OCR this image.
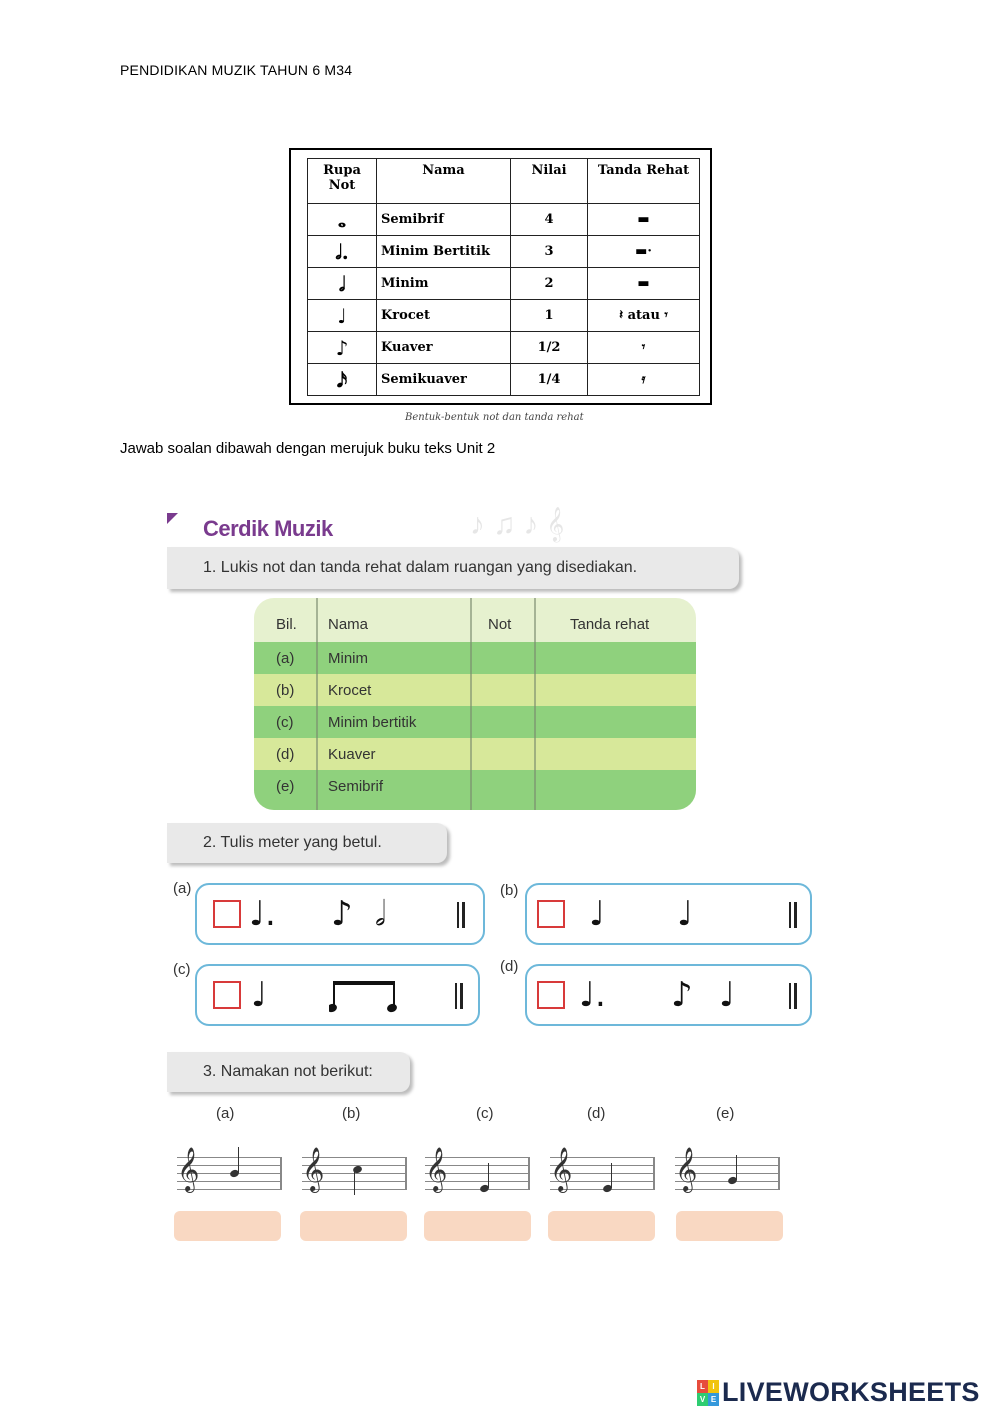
PENDIDIKAN MUZIK TAHUN 6 M34
Rupa Not	Nama	Nilai	Tanda Rehat
𝅝	Semibrif	4	▬
𝅗𝅥.	Minim Bertitik	3	▬·
𝅗𝅥	Minim	2	▬
♩	Krocet	1	𝄽 atau 𝄾
♪	Kuaver	1/2	𝄾
𝅘𝅥𝅯	Semikuaver	1/4	𝄿
Bentuk-bentuk not dan tanda rehat
Jawab soalan dibawah dengan merujuk buku teks Unit 2
Cerdik Muzik	♪♫♪𝄞
1. Lukis not dan tanda rehat dalam ruangan yang disediakan.
Bil. Nama	Not	Tanda rehat
(a) Minim
(b) Krocet
(c) Minim bertitik
(d) Kuaver
(e) Semibrif
2. Tulis meter yang betul.
(a)
♩. ♪ 𝅗𝅥
(b)
♩ ♩
(c)
♩
(d)
♩. ♪ ♩
3. Namakan not berikut:
(a)	(b)	(c)	(d)	(e)
𝄞	𝄞	𝄞	𝄞	𝄞
L I
V E LIVEWORKSHEETS
